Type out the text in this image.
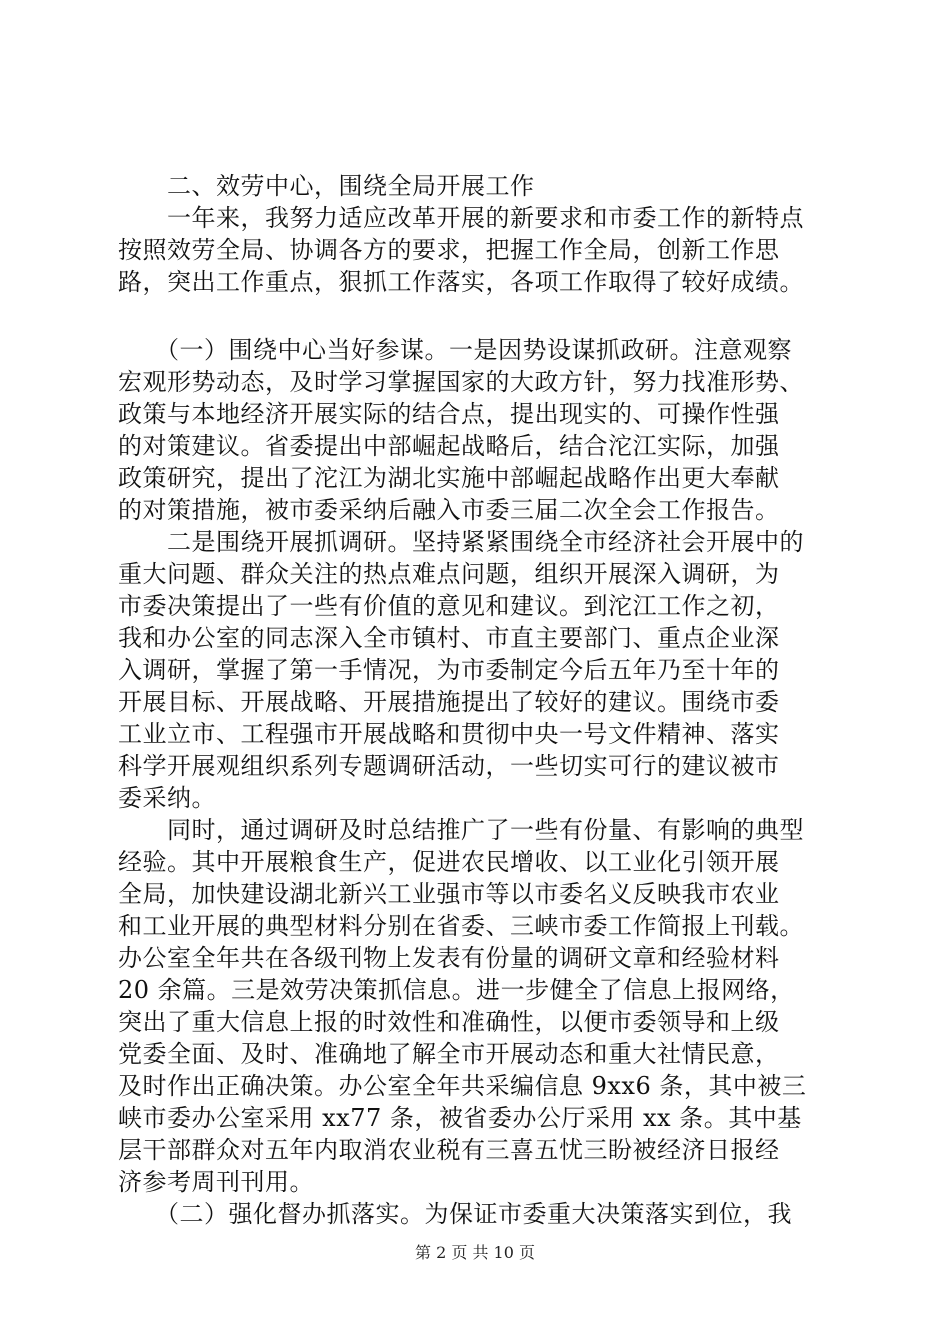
　　二、效劳中心，围绕全局开展工作
　　一年来，我努力适应改革开展的新要求和市委工作的新特点
按照效劳全局、协调各方的要求，把握工作全局，创新工作思
路，突出工作重点，狠抓工作落实，各项工作取得了较好成绩。
　　（一）围绕中心当好参谋。一是因势设谋抓政研。注意观察
宏观形势动态，及时学习掌握国家的大政方针，努力找准形势、
政策与本地经济开展实际的结合点，提出现实的、可操作性强
的对策建议。省委提出中部崛起战略后，结合沱江实际，加强
政策研究，提出了沱江为湖北实施中部崛起战略作出更大奉献
的对策措施，被市委采纳后融入市委三届二次全会工作报告。
　　二是围绕开展抓调研。坚持紧紧围绕全市经济社会开展中的
重大问题、群众关注的热点难点问题，组织开展深入调研，为
市委决策提出了一些有价值的意见和建议。到沱江工作之初，
我和办公室的同志深入全市镇村、市直主要部门、重点企业深
入调研，掌握了第一手情况，为市委制定今后五年乃至十年的
开展目标、开展战略、开展措施提出了较好的建议。围绕市委
工业立市、工程强市开展战略和贯彻中央一号文件精神、落实
科学开展观组织系列专题调研活动，一些切实可行的建议被市
委采纳。
　　同时，通过调研及时总结推广了一些有份量、有影响的典型
经验。其中开展粮食生产，促进农民增收、以工业化引领开展
全局，加快建设湖北新兴工业强市等以市委名义反映我市农业
和工业开展的典型材料分别在省委、三峡市委工作简报上刊载。
办公室全年共在各级刊物上发表有份量的调研文章和经验材料
20 余篇。三是效劳决策抓信息。进一步健全了信息上报网络，
突出了重大信息上报的时效性和准确性，以便市委领导和上级
党委全面、及时、准确地了解全市开展动态和重大社情民意，
及时作出正确决策。办公室全年共采编信息 9xx6 条，其中被三
峡市委办公室采用 xx77 条，被省委办公厅采用 xx 条。其中基
层干部群众对五年内取消农业税有三喜五忧三盼被经济日报经
济参考周刊刊用。
　　（二）强化督办抓落实。为保证市委重大决策落实到位，我
第 2 页 共 10 页
